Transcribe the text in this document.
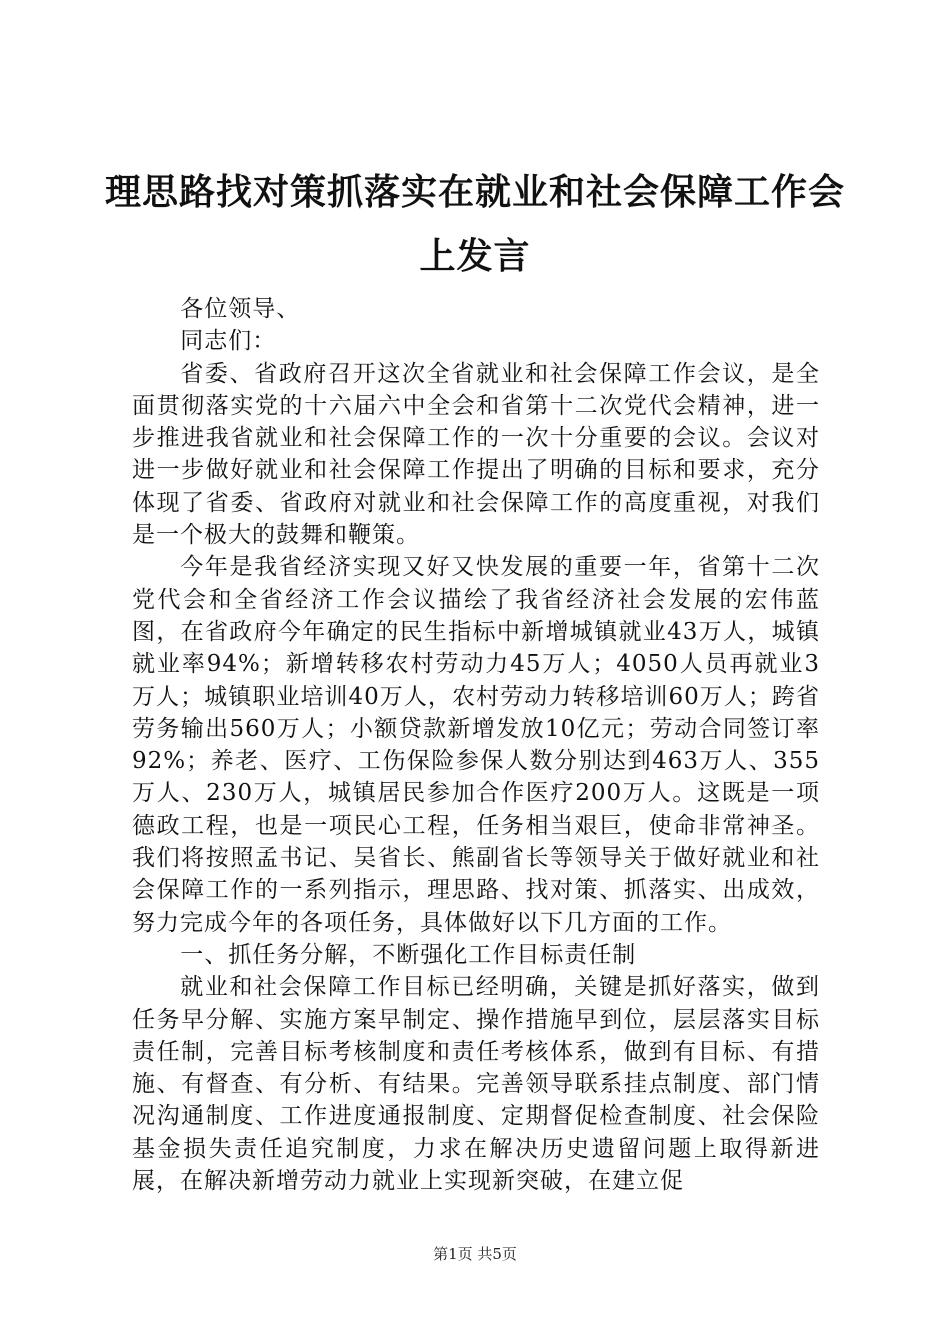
理思路找对策抓落实在就业和社会保障工作会上发言

各位领导、

同志们：

省委、省政府召开这次全省就业和社会保障工作会议，是全面贯彻落实党的十六届六中全会和省第十二次党代会精神，进一步推进我省就业和社会保障工作的一次十分重要的会议。会议对进一步做好就业和社会保障工作提出了明确的目标和要求，充分体现了省委、省政府对就业和社会保障工作的高度重视，对我们是一个极大的鼓舞和鞭策。

今年是我省经济实现又好又快发展的重要一年，省第十二次党代会和全省经济工作会议描绘了我省经济社会发展的宏伟蓝图，在省政府今年确定的民生指标中新增城镇就业43万人，城镇就业率94%；新增转移农村劳动力45万人；4050人员再就业3万人；城镇职业培训40万人，农村劳动力转移培训60万人；跨省劳务输出560万人；小额贷款新增发放10亿元；劳动合同签订率92%；养老、医疗、工伤保险参保人数分别达到463万人、355万人、230万人，城镇居民参加合作医疗200万人。这既是一项德政工程，也是一项民心工程，任务相当艰巨，使命非常神圣。我们将按照孟书记、吴省长、熊副省长等领导关于做好就业和社会保障工作的一系列指示，理思路、找对策、抓落实、出成效，努力完成今年的各项任务，具体做好以下几方面的工作。

一、抓任务分解，不断强化工作目标责任制

就业和社会保障工作目标已经明确，关键是抓好落实，做到任务早分解、实施方案早制定、操作措施早到位，层层落实目标责任制，完善目标考核制度和责任考核体系，做到有目标、有措施、有督查、有分析、有结果。完善领导联系挂点制度、部门情况沟通制度、工作进度通报制度、定期督促检查制度、社会保险基金损失责任追究制度，力求在解决历史遗留问题上取得新进展，在解决新增劳动力就业上实现新突破，在建立促

第1页 共5页
